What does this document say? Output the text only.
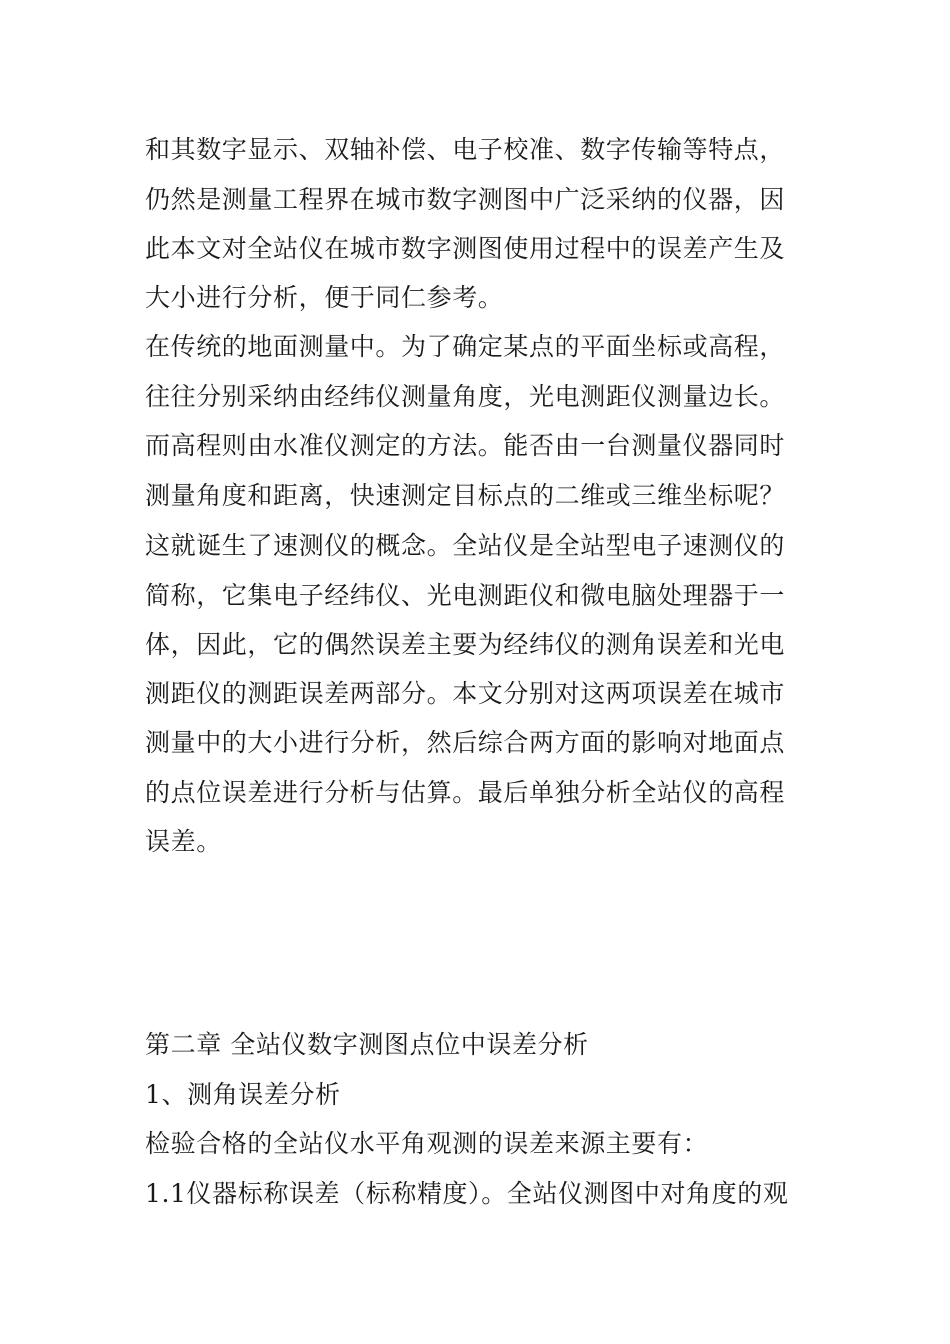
和其数字显示、双轴补偿、电子校准、数字传输等特点，

仍然是测量工程界在城市数字测图中广泛采纳的仪器，因

此本文对全站仪在城市数字测图使用过程中的误差产生及

大小进行分析，便于同仁参考。

在传统的地面测量中。为了确定某点的平面坐标或高程，

往往分别采纳由经纬仪测量角度，光电测距仪测量边长。

而高程则由水准仪测定的方法。能否由一台测量仪器同时

测量角度和距离，快速测定目标点的二维或三维坐标呢？

这就诞生了速测仪的概念。全站仪是全站型电子速测仪的

简称，它集电子经纬仪、光电测距仪和微电脑处理器于一

体，因此，它的偶然误差主要为经纬仪的测角误差和光电

测距仪的测距误差两部分。本文分别对这两项误差在城市

测量中的大小进行分析，然后综合两方面的影响对地面点

的点位误差进行分析与估算。最后单独分析全站仪的高程

误差。

第二章 全站仪数字测图点位中误差分析

1、测角误差分析

检验合格的全站仪水平角观测的误差来源主要有：

1.1仪器标称误差（标称精度）。全站仪测图中对角度的观
